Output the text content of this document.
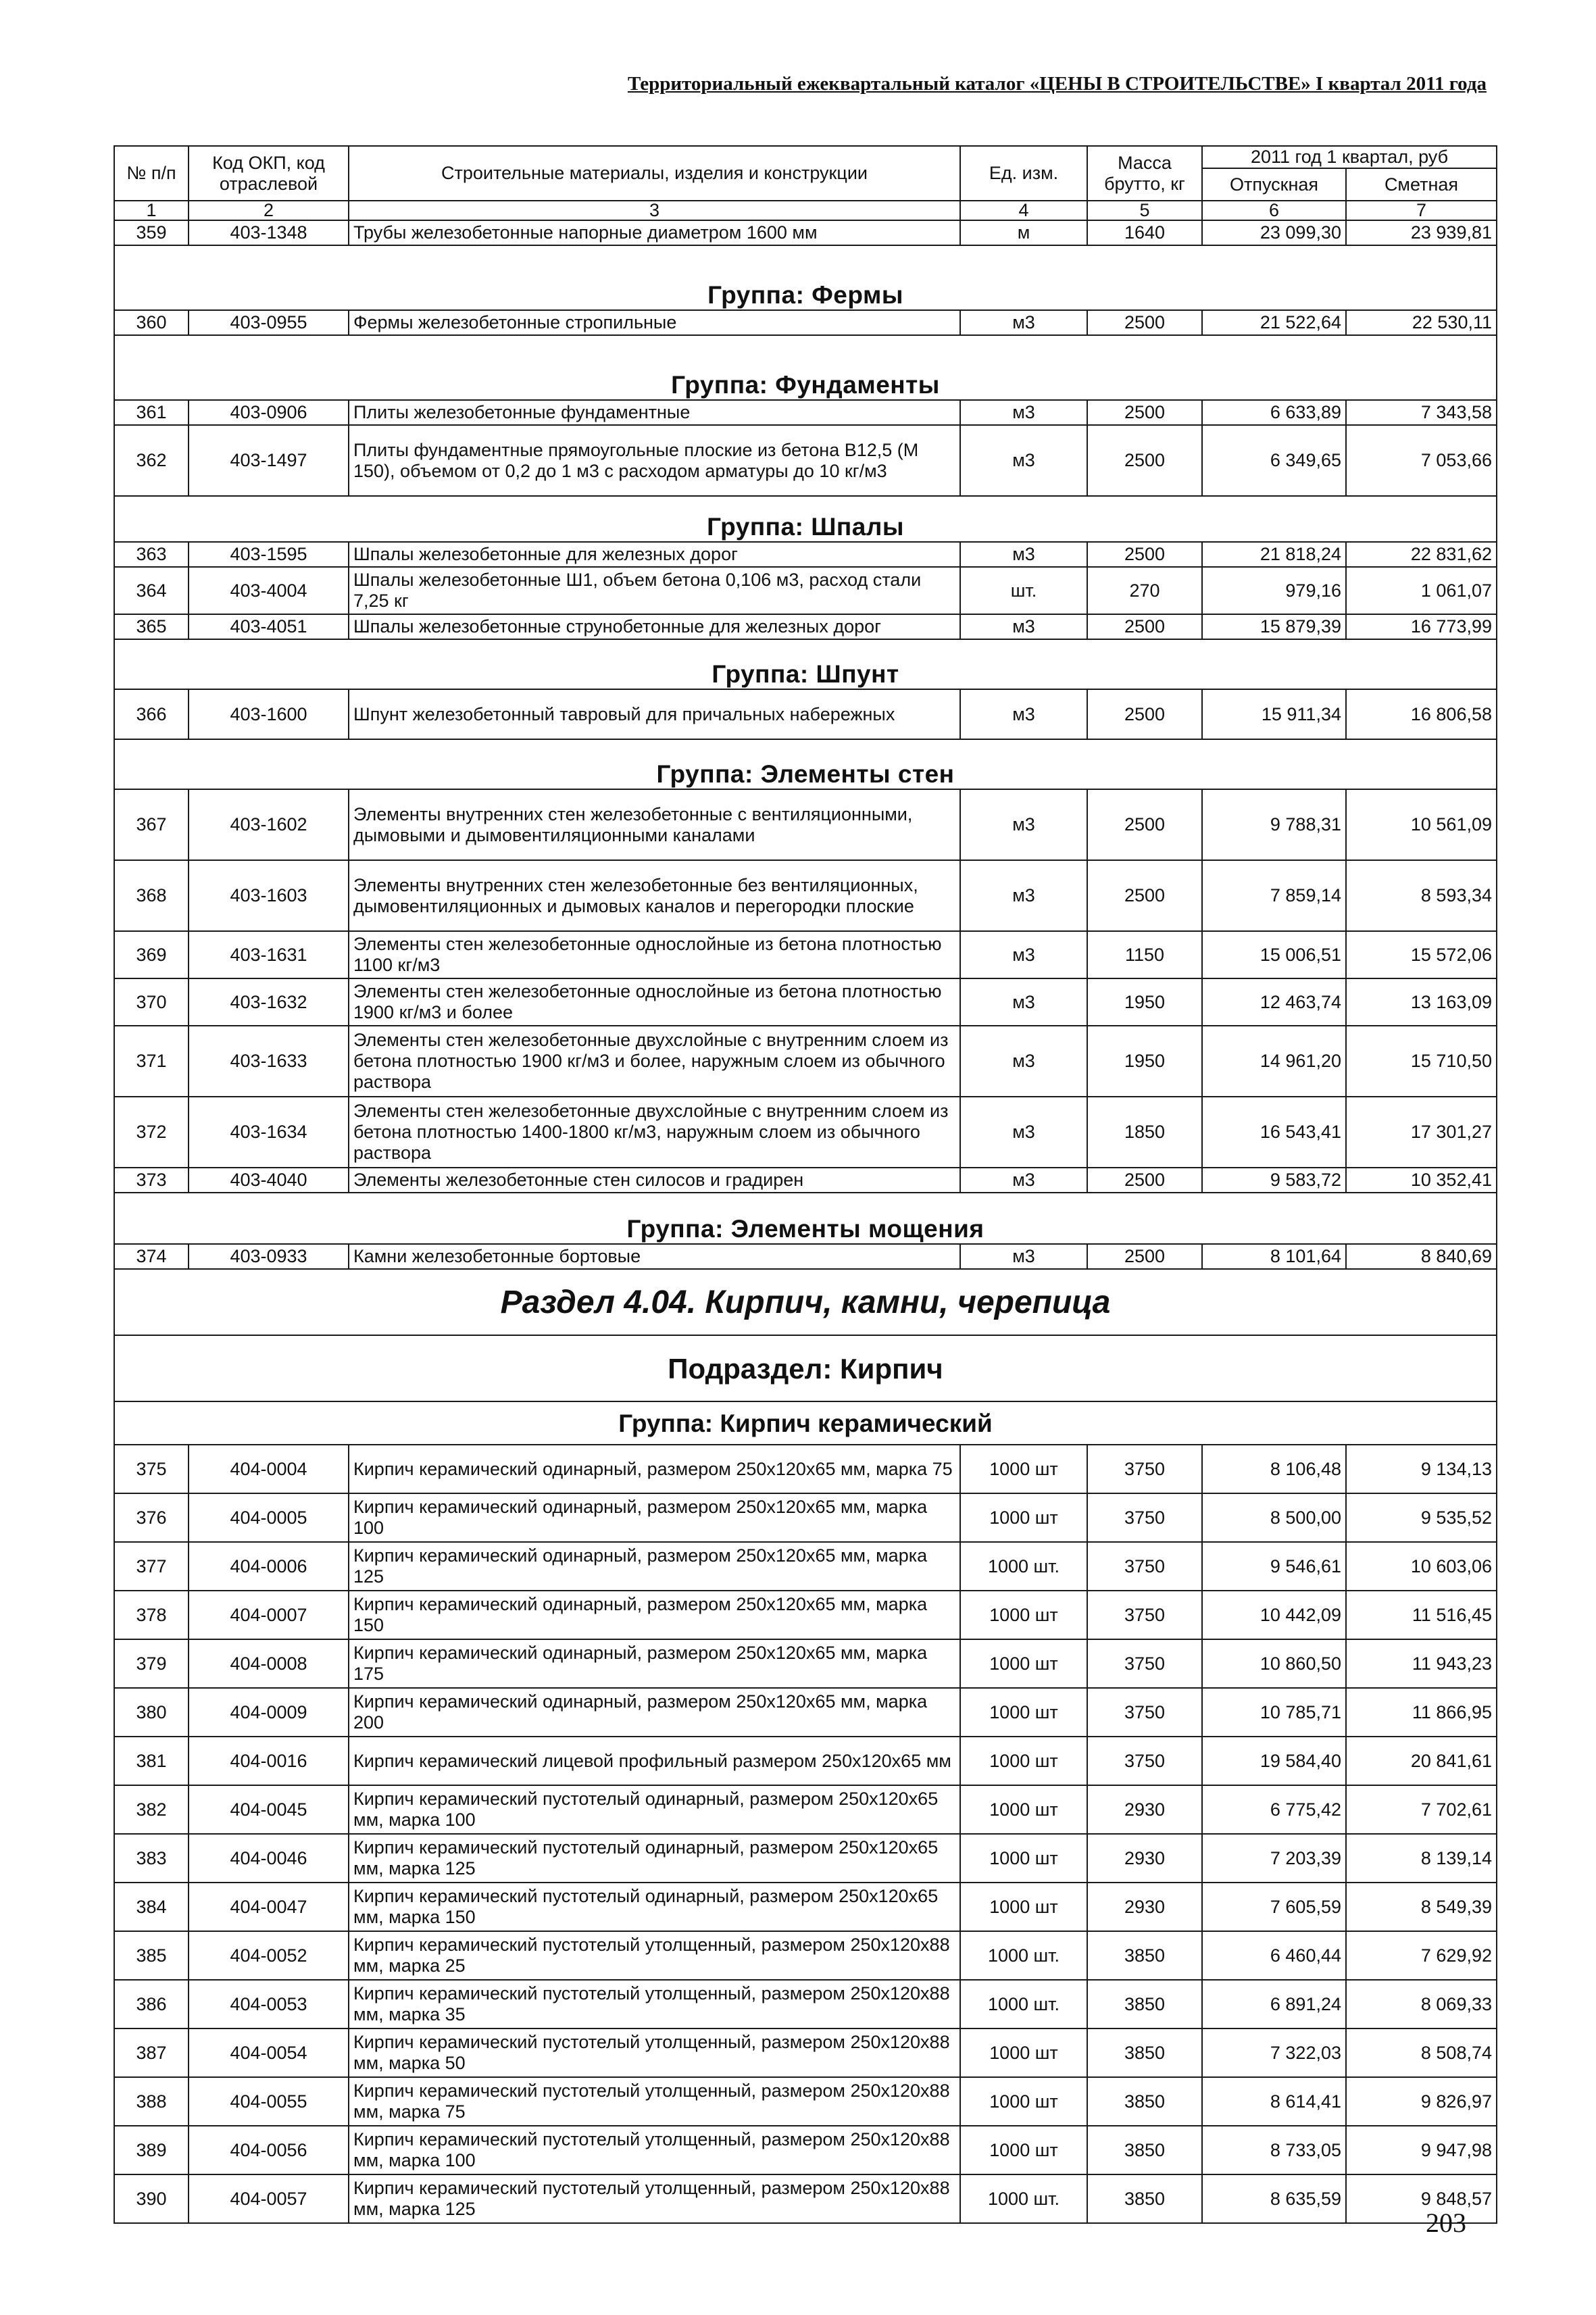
Территориальный ежеквартальный каталог «ЦЕНЫ В СТРОИТЕЛЬСТВЕ» I квартал 2011 года
№ п/п	Код ОКП, код отраслевой	Строительные материалы, изделия и конструкции	Ед. изм.	Масса брутто, кг	2011 год 1 квартал, руб	
					Отпускная	Сметная
1	2	3	4	5	6	7
359	403-1348	Трубы железобетонные напорные диаметром 1600 мм	м	1640	23 099,30	23 939,81
Группа: Фермы						
360	403-0955	Фермы железобетонные стропильные	м3	2500	21 522,64	22 530,11
Группа: Фундаменты						
361	403-0906	Плиты железобетонные фундаментные	м3	2500	6 633,89	7 343,58
362	403-1497	Плиты фундаментные прямоугольные плоские из бетона В12,5 (М 150), объемом от 0,2 до 1 м3 с расходом арматуры до 10 кг/м3	м3	2500	6 349,65	7 053,66
Группа: Шпалы						
363	403-1595	Шпалы железобетонные для железных дорог	м3	2500	21 818,24	22 831,62
364	403-4004	Шпалы железобетонные Ш1, объем бетона 0,106 м3, расход стали 7,25 кг	шт.	270	979,16	1 061,07
365	403-4051	Шпалы железобетонные струнобетонные для железных дорог	м3	2500	15 879,39	16 773,99
Группа: Шпунт						
366	403-1600	Шпунт железобетонный тавровый для причальных набережных	м3	2500	15 911,34	16 806,58
Группа: Элементы стен						
367	403-1602	Элементы внутренних стен железобетонные с вентиляционными, дымовыми и дымовентиляционными каналами	м3	2500	9 788,31	10 561,09
368	403-1603	Элементы внутренних стен железобетонные без вентиляционных, дымовентиляционных и дымовых каналов и перегородки плоские	м3	2500	7 859,14	8 593,34
369	403-1631	Элементы стен железобетонные однослойные из бетона плотностью 1100 кг/м3	м3	1150	15 006,51	15 572,06
370	403-1632	Элементы стен железобетонные однослойные из бетона плотностью 1900 кг/м3 и более	м3	1950	12 463,74	13 163,09
371	403-1633	Элементы стен железобетонные двухслойные с внутренним слоем из бетона плотностью 1900 кг/м3 и более, наружным слоем из обычного раствора	м3	1950	14 961,20	15 710,50
372	403-1634	Элементы стен железобетонные двухслойные с внутренним слоем из бетона плотностью 1400-1800 кг/м3, наружным слоем из обычного раствора	м3	1850	16 543,41	17 301,27
373	403-4040	Элементы железобетонные стен силосов и градирен	м3	2500	9 583,72	10 352,41
Группа: Элементы мощения						
374	403-0933	Камни железобетонные бортовые	м3	2500	8 101,64	8 840,69
Раздел 4.04. Кирпич, камни, черепица						
Подраздел: Кирпич						
Группа: Кирпич керамический						
375	404-0004	Кирпич керамический одинарный, размером 250х120х65 мм, марка 75	1000 шт	3750	8 106,48	9 134,13
376	404-0005	Кирпич керамический одинарный, размером 250х120х65 мм, марка 100	1000 шт	3750	8 500,00	9 535,52
377	404-0006	Кирпич керамический одинарный, размером 250х120х65 мм, марка 125	1000 шт.	3750	9 546,61	10 603,06
378	404-0007	Кирпич керамический одинарный, размером 250х120х65 мм, марка 150	1000 шт	3750	10 442,09	11 516,45
379	404-0008	Кирпич керамический одинарный, размером 250х120х65 мм, марка 175	1000 шт	3750	10 860,50	11 943,23
380	404-0009	Кирпич керамический одинарный, размером 250х120х65 мм, марка 200	1000 шт	3750	10 785,71	11 866,95
381	404-0016	Кирпич керамический лицевой профильный размером 250х120х65 мм	1000 шт	3750	19 584,40	20 841,61
382	404-0045	Кирпич керамический пустотелый одинарный, размером 250х120х65 мм, марка 100	1000 шт	2930	6 775,42	7 702,61
383	404-0046	Кирпич керамический пустотелый одинарный, размером 250х120х65 мм, марка 125	1000 шт	2930	7 203,39	8 139,14
384	404-0047	Кирпич керамический пустотелый одинарный, размером 250х120х65 мм, марка 150	1000 шт	2930	7 605,59	8 549,39
385	404-0052	Кирпич керамический пустотелый утолщенный, размером 250х120х88 мм, марка 25	1000 шт.	3850	6 460,44	7 629,92
386	404-0053	Кирпич керамический пустотелый утолщенный, размером 250х120х88 мм, марка 35	1000 шт.	3850	6 891,24	8 069,33
387	404-0054	Кирпич керамический пустотелый утолщенный, размером 250х120х88 мм, марка 50	1000 шт	3850	7 322,03	8 508,74
388	404-0055	Кирпич керамический пустотелый утолщенный, размером 250х120х88 мм, марка 75	1000 шт	3850	8 614,41	9 826,97
389	404-0056	Кирпич керамический пустотелый утолщенный, размером 250х120х88 мм, марка 100	1000 шт	3850	8 733,05	9 947,98
390	404-0057	Кирпич керамический пустотелый утолщенный, размером 250х120х88 мм, марка 125	1000 шт.	3850	8 635,59	9 848,57
203
